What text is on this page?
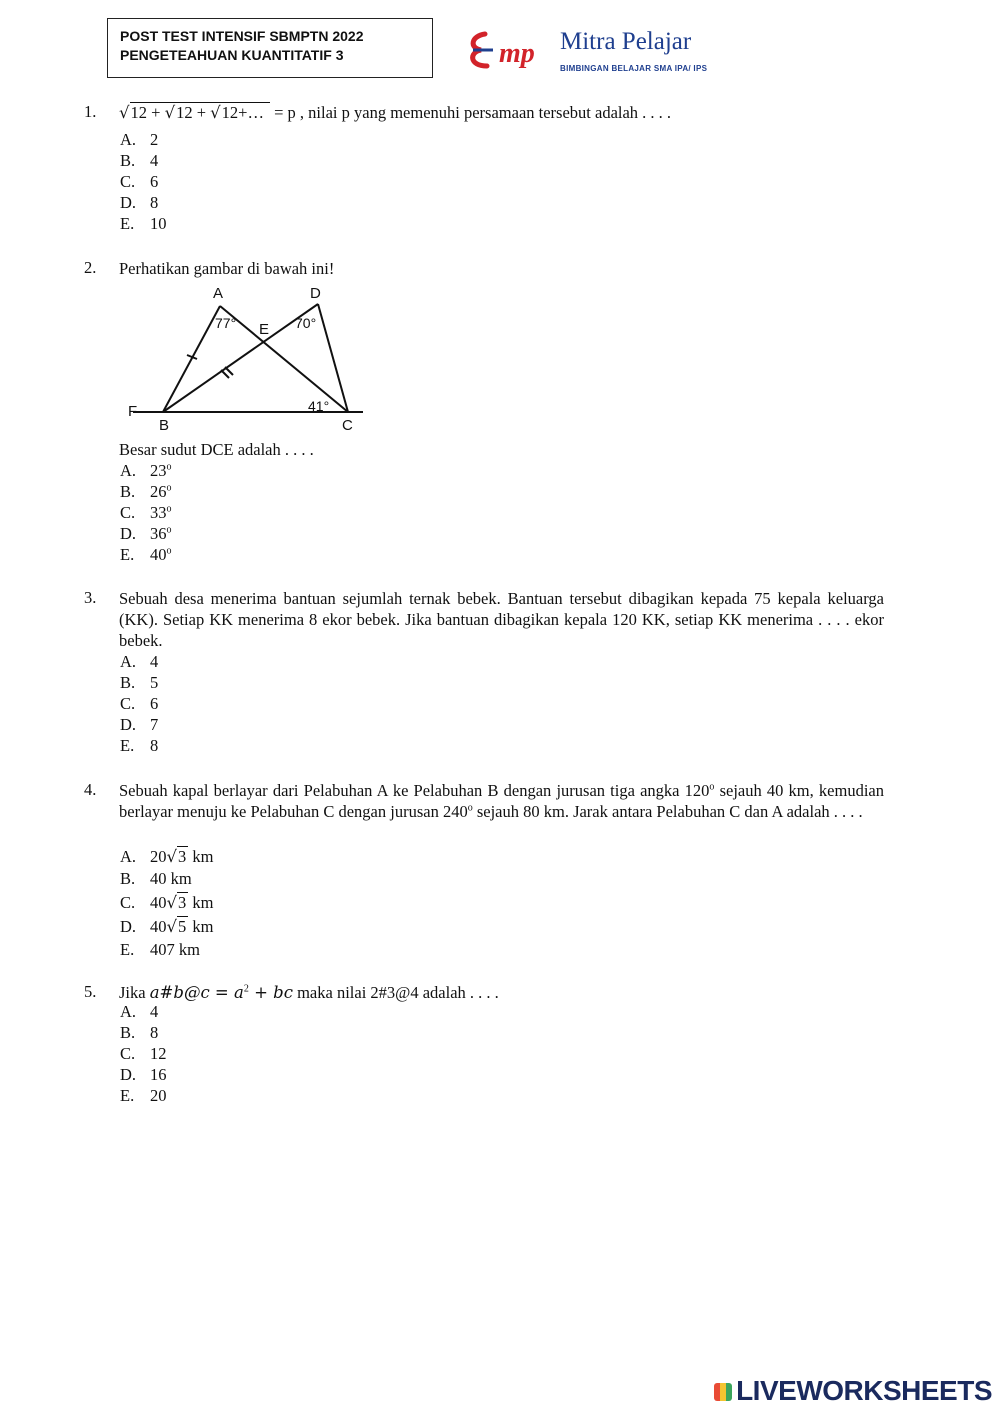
POST TEST INTENSIF SBMPTN 2022
PENGETEAHUAN KUANTITATIF 3	mp Mitra Pelajar
BIMBINGAN BELAJAR SMA IPA/ IPS
1. √12 + √12 + √12+… = p , nilai p yang memenuhi persamaan tersebut adalah . . . .
A. 2
B. 4
C. 6
D. 8
E. 10
2. Perhatikan gambar di bawah ini!
Besar sudut DCE adalah . . . .
A. 23$^o$
B. 26$^o$
C. 33$^o$
D. 36$^o$
E. 40$^o$
A	D
E
F
B	C
77°	70°
41°
3. Sebuah desa menerima bantuan sejumlah ternak bebek. Bantuan tersebut dibagikan kepada 75 kepala keluarga (KK). Setiap KK menerima 8 ekor bebek. Jika bantuan dibagikan kepala 120 KK, setiap KK menerima . . . . ekor bebek.
A. 4
B. 5
C. 6
D. 7
E. 8
4. Sebuah kapal berlayar dari Pelabuhan A ke Pelabuhan B dengan jurusan tiga angka 120$^o$ sejauh 40 km, kemudian berlayar menuju ke Pelabuhan C dengan jurusan 240$^o$ sejauh 80 km. Jarak antara Pelabuhan C dan A adalah . . . .
A. 20√3 km
B. 40 km
C. 40√3 km
D. 40√5 km
E. 407 km
5. Jika a#b@c = $a^2$ + bc maka nilai 2#3@4 adalah . . . .
A. 4
B. 8
C. 12
D. 16
E. 20
LIVEWORKSHEETS
